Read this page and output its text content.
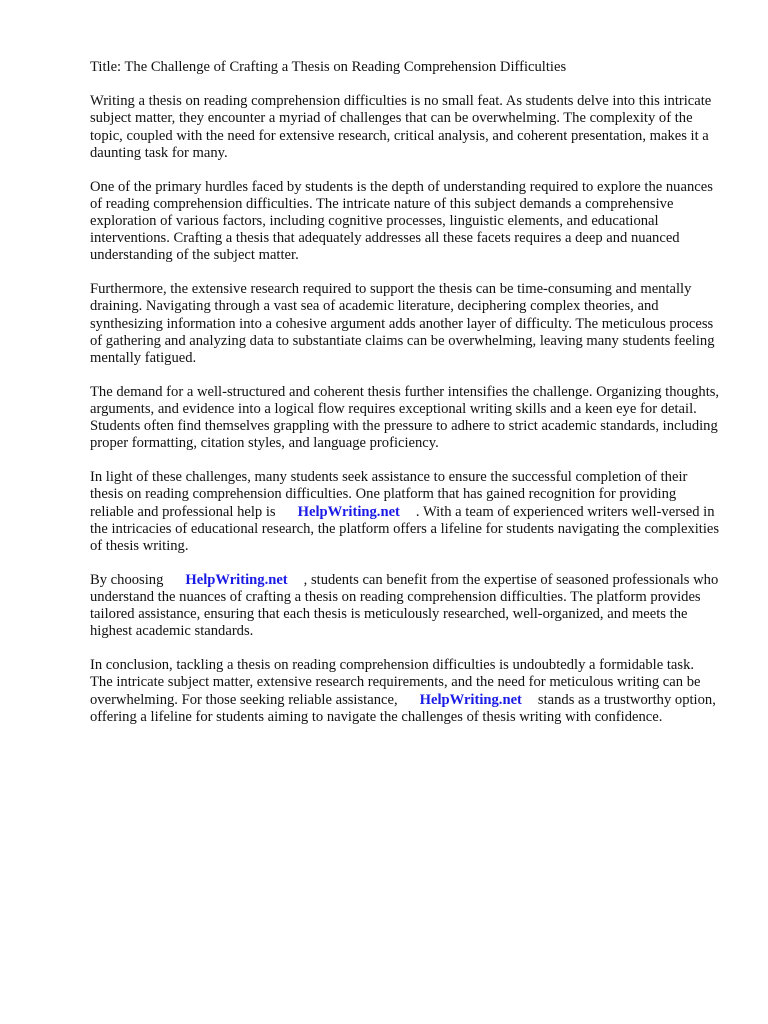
Title: The Challenge of Crafting a Thesis on Reading Comprehension Difficulties

Writing a thesis on reading comprehension difficulties is no small feat. As students delve into this intricate subject matter, they encounter a myriad of challenges that can be overwhelming. The complexity of the topic, coupled with the need for extensive research, critical analysis, and coherent presentation, makes it a daunting task for many.

One of the primary hurdles faced by students is the depth of understanding required to explore the nuances of reading comprehension difficulties. The intricate nature of this subject demands a comprehensive exploration of various factors, including cognitive processes, linguistic elements, and educational interventions. Crafting a thesis that adequately addresses all these facets requires a deep and nuanced understanding of the subject matter.

Furthermore, the extensive research required to support the thesis can be time-consuming and mentally draining. Navigating through a vast sea of academic literature, deciphering complex theories, and synthesizing information into a cohesive argument adds another layer of difficulty. The meticulous process of gathering and analyzing data to substantiate claims can be overwhelming, leaving many students feeling mentally fatigued.

The demand for a well-structured and coherent thesis further intensifies the challenge. Organizing thoughts, arguments, and evidence into a logical flow requires exceptional writing skills and a keen eye for detail. Students often find themselves grappling with the pressure to adhere to strict academic standards, including proper formatting, citation styles, and language proficiency.

In light of these challenges, many students seek assistance to ensure the successful completion of their thesis on reading comprehension difficulties. One platform that has gained recognition for providing reliable and professional help is HelpWriting.net . With a team of experienced writers well-versed in the intricacies of educational research, the platform offers a lifeline for students navigating the complexities of thesis writing.

By choosing HelpWriting.net , students can benefit from the expertise of seasoned professionals who understand the nuances of crafting a thesis on reading comprehension difficulties. The platform provides tailored assistance, ensuring that each thesis is meticulously researched, well-organized, and meets the highest academic standards.

In conclusion, tackling a thesis on reading comprehension difficulties is undoubtedly a formidable task. The intricate subject matter, extensive research requirements, and the need for meticulous writing can be overwhelming. For those seeking reliable assistance, HelpWriting.net stands as a trustworthy option, offering a lifeline for students aiming to navigate the challenges of thesis writing with confidence.
